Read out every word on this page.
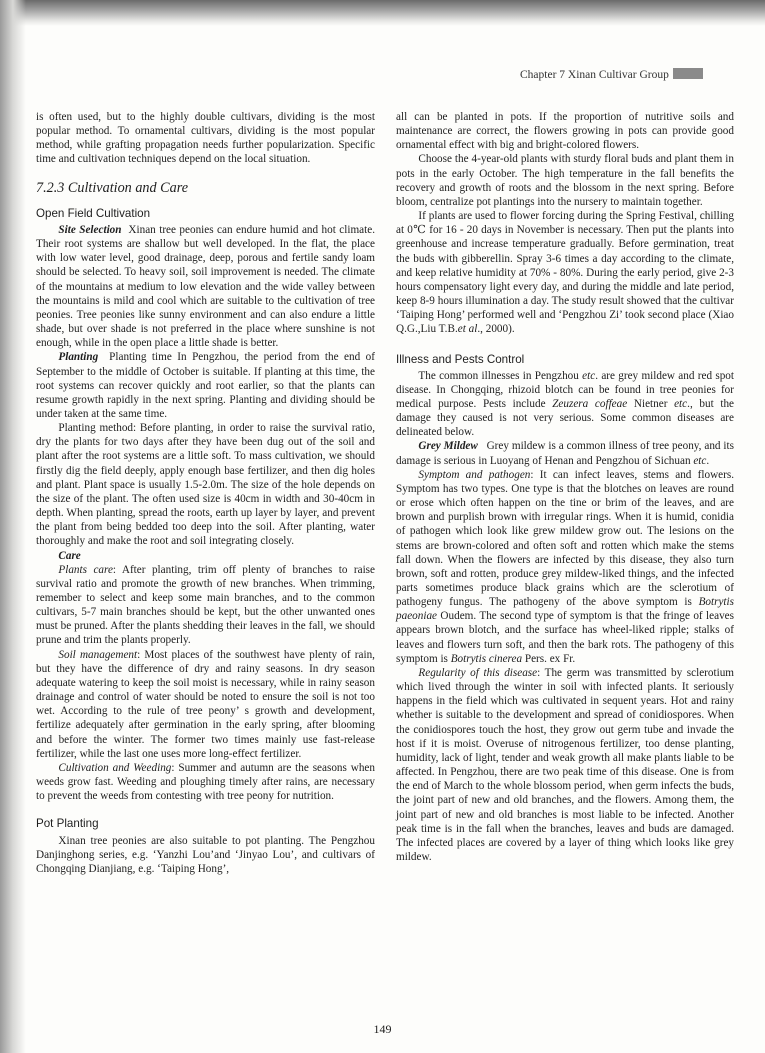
Chapter 7 Xinan Cultivar Group

is often used, but to the highly double cultivars, dividing is the most popular method. To ornamental cultivars, dividing is the most popular method, while grafting propagation needs further popularization. Specific time and cultivation techniques depend on the local situation.

7.2.3 Cultivation and Care
Open Field Cultivation

Site Selection Xinan tree peonies can endure humid and hot climate. Their root systems are shallow but well developed. In the flat, the place with low water level, good drainage, deep, porous and fertile sandy loam should be selected. To heavy soil, soil improvement is needed. The climate of the mountains at medium to low elevation and the wide valley between the mountains is mild and cool which are suitable to the cultivation of tree peonies. Tree peonies like sunny environment and can also endure a little shade, but over shade is not preferred in the place where sunshine is not enough, while in the open place a little shade is better.

Planting Planting time In Pengzhou, the period from the end of September to the middle of October is suitable. If planting at this time, the root systems can recover quickly and root earlier, so that the plants can resume growth rapidly in the next spring. Planting and dividing should be under taken at the same time.

Planting method: Before planting, in order to raise the survival ratio, dry the plants for two days after they have been dug out of the soil and plant after the root systems are a little soft. To mass cultivation, we should firstly dig the field deeply, apply enough base fertilizer, and then dig holes and plant. Plant space is usually 1.5-2.0m. The size of the hole depends on the size of the plant. The often used size is 40cm in width and 30-40cm in depth. When planting, spread the roots, earth up layer by layer, and prevent the plant from being bedded too deep into the soil. After planting, water thoroughly and make the root and soil integrating closely.

Care

Plants care: After planting, trim off plenty of branches to raise survival ratio and promote the growth of new branches. When trimming, remember to select and keep some main branches, and to the common cultivars, 5-7 main branches should be kept, but the other unwanted ones must be pruned. After the plants shedding their leaves in the fall, we should prune and trim the plants properly.

Soil management: Most places of the southwest have plenty of rain, but they have the difference of dry and rainy seasons. In dry season adequate watering to keep the soil moist is necessary, while in rainy season drainage and control of water should be noted to ensure the soil is not too wet. According to the rule of tree peony’ s growth and development, fertilize adequately after germination in the early spring, after blooming and before the winter. The former two times mainly use fast-release fertilizer, while the last one uses more long-effect fertilizer.

Cultivation and Weeding: Summer and autumn are the seasons when weeds grow fast. Weeding and ploughing timely after rains, are necessary to prevent the weeds from contesting with tree peony for nutrition.

Pot Planting

Xinan tree peonies are also suitable to pot planting. The Pengzhou Danjinghong series, e.g. ‘Yanzhi Lou’and ‘Jinyao Lou’, and cultivars of Chongqing Dianjiang, e.g. ‘Taiping Hong’,

all can be planted in pots. If the proportion of nutritive soils and maintenance are correct, the flowers growing in pots can provide good ornamental effect with big and bright-colored flowers.

Choose the 4-year-old plants with sturdy floral buds and plant them in pots in the early October. The high temperature in the fall benefits the recovery and growth of roots and the blossom in the next spring. Before bloom, centralize pot plantings into the nursery to maintain together.

If plants are used to flower forcing during the Spring Festival, chilling at 0℃ for 16 - 20 days in November is necessary. Then put the plants into greenhouse and increase temperature gradually. Before germination, treat the buds with gibberellin. Spray 3-6 times a day according to the climate, and keep relative humidity at 70% - 80%. During the early period, give 2-3 hours compensatory light every day, and during the middle and late period, keep 8-9 hours illumination a day. The study result showed that the cultivar ‘Taiping Hong’ performed well and ‘Pengzhou Zi’ took second place (Xiao Q.G.,Liu T.B.et al., 2000).

Illness and Pests Control

The common illnesses in Pengzhou etc. are grey mildew and red spot disease. In Chongqing, rhizoid blotch can be found in tree peonies for medical purpose. Pests include Zeuzera coffeae Nietner etc., but the damage they caused is not very serious. Some common diseases are delineated below.

Grey Mildew Grey mildew is a common illness of tree peony, and its damage is serious in Luoyang of Henan and Pengzhou of Sichuan etc.

Symptom and pathogen: It can infect leaves, stems and flowers. Symptom has two types. One type is that the blotches on leaves are round or erose which often happen on the tine or brim of the leaves, and are brown and purplish brown with irregular rings. When it is humid, conidia of pathogen which look like grew mildew grow out. The lesions on the stems are brown-colored and often soft and rotten which make the stems fall down. When the flowers are infected by this disease, they also turn brown, soft and rotten, produce grey mildew-liked things, and the infected parts sometimes produce black grains which are the sclerotium of pathogeny fungus. The pathogeny of the above symptom is Botrytis paeoniae Oudem. The second type of symptom is that the fringe of leaves appears brown blotch, and the surface has wheel-liked ripple; stalks of leaves and flowers turn soft, and then the bark rots. The pathogeny of this symptom is Botrytis cinerea Pers. ex Fr.

Regularity of this disease: The germ was transmitted by sclerotium which lived through the winter in soil with infected plants. It seriously happens in the field which was cultivated in sequent years. Hot and rainy whether is suitable to the development and spread of conidiospores. When the conidiospores touch the host, they grow out germ tube and invade the host if it is moist. Overuse of nitrogenous fertilizer, too dense planting, humidity, lack of light, tender and weak growth all make plants liable to be affected. In Pengzhou, there are two peak time of this disease. One is from the end of March to the whole blossom period, when germ infects the buds, the joint part of new and old branches, and the flowers. Among them, the joint part of new and old branches is most liable to be infected. Another peak time is in the fall when the branches, leaves and buds are damaged. The infected places are covered by a layer of thing which looks like grey mildew.

149
